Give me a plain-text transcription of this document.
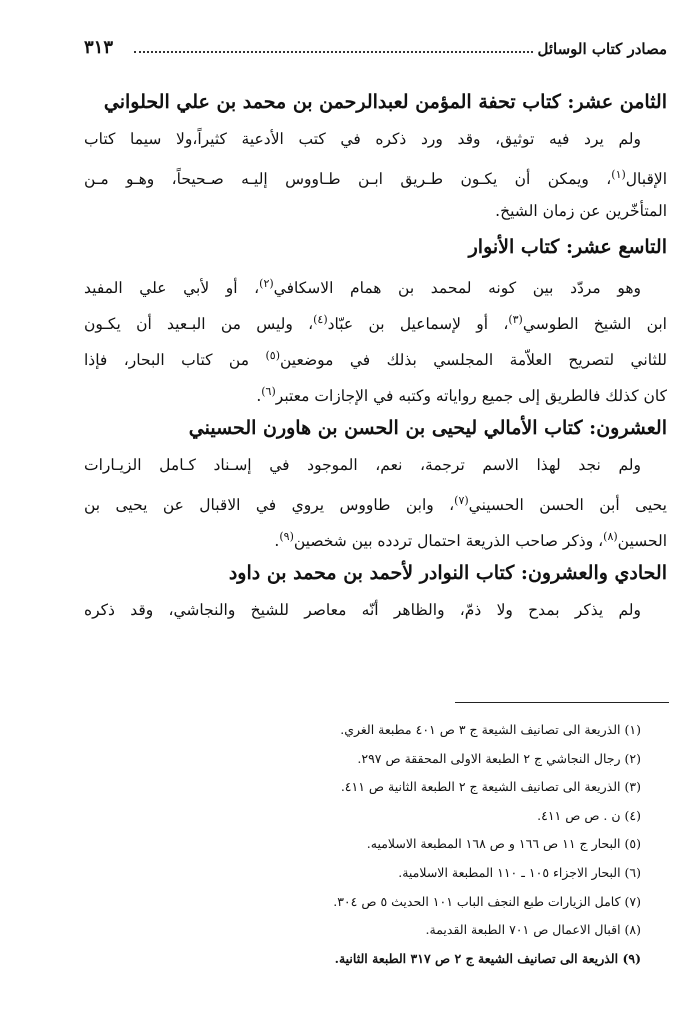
مصادر كتاب الوسائل
٣١٣
الثامن عشر: كتاب تحفة المؤمن لعبدالرحمن بن محمد بن علي الحلواني
ولم يرد فيه توثيق، وقد ورد ذكره في كتب الأدعية كثيراً،ولا سيما كتاب
الإقبال$^{(١)}$، ويمكن أن يكـون طـريق ابـن طـاووس إليـه صـحيحاً، وهـو مـن
المتأخّرين عن زمان الشيخ.
التاسع عشر: كتاب الأنوار
وهو مردّد بين كونه لمحمد بن همام الاسكافي$^{(٢)}$، أو لأبي علي المفيد
ابن الشيخ الطوسي$^{(٣)}$، أو لإسماعيل بن عبّاد$^{(٤)}$، وليس من البـعيد أن يكـون
للثاني لتصريح العلاّمة المجلسي بذلك في موضعين$^{(٥)}$ من كتاب البحار، فإذا
كان كذلك فالطريق إلى جميع رواياته وكتبه في الإجازات معتبر$^{(٦)}$.
العشرون: كتاب الأمالي ليحيى بن الحسن بن هاورن الحسيني
ولم نجد لهذا الاسم ترجمة، نعم، الموجود في إسـناد كـامل الزيـارات
يحيى أبن الحسن الحسيني$^{(٧)}$، وابن طاووس يروي في الاقبال عن يحيى بن
الحسين$^{(٨)}$، وذكر صاحب الذريعة احتمال تردده بين شخصين$^{(٩)}$.
الحادي والعشرون: كتاب النوادر لأحمد بن محمد بن داود
ولم يذكر بمدح ولا ذمّ، والظاهر أنّه معاصر للشيخ والنجاشي، وقد ذكره
(١) الذريعة الى تصانيف الشيعة ج ٣ ص ٤٠١ مطبعة الغري.
(٢) رجال النجاشي ج ٢ الطبعة الاولى المحققة ص ٢٩٧.
(٣) الذريعة الى تصانيف الشيعة ج ٢ الطبعة الثانية ص ٤١١.
(٤) ن . ص ص ٤١١.
(٥) البحار ج ١١ ص ١٦٦ و ص ١٦٨ المطبعة الاسلاميه.
(٦) البحار الاجزاء ١٠٥ ـ ١١٠ المطبعة الاسلامية.
(٧) كامل الزيارات طبع النجف الباب ١٠١ الحديث ٥ ص ٣٠٤.
(٨) اقبال الاعمال ص ٧٠١ الطبعة القديمة.
(٩) الذريعة الى تصانيف الشيعة ج ٢ ص ٣١٧ الطبعة الثانية.
